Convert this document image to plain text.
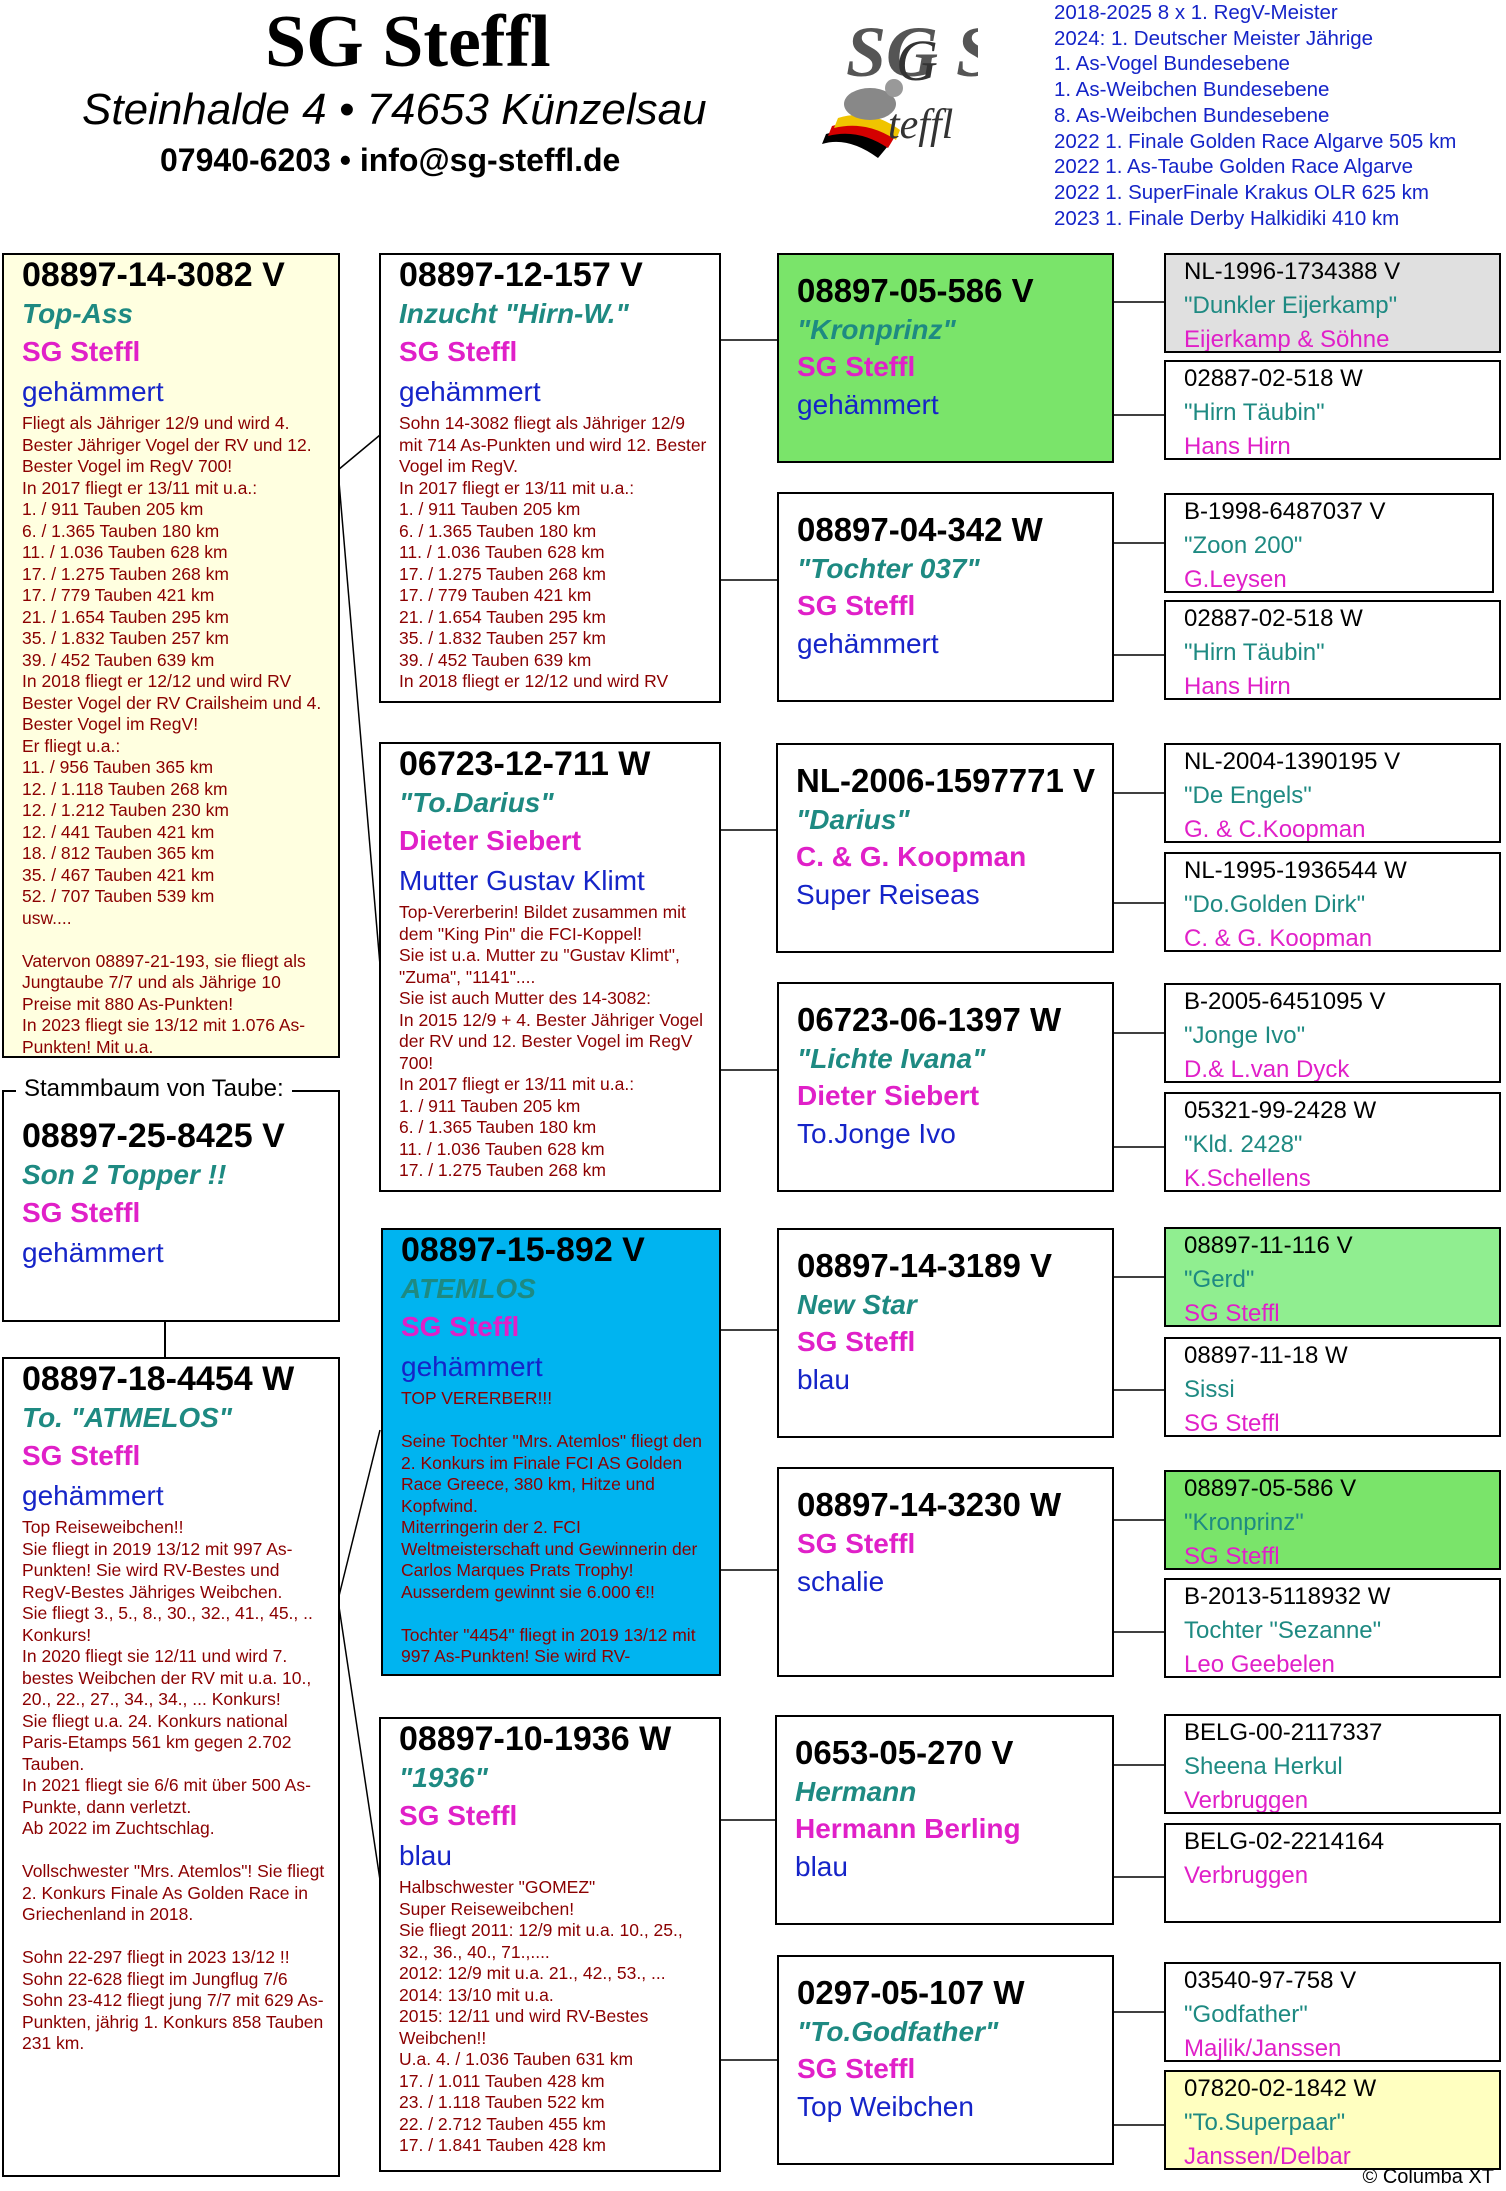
SG Steffl
Steinhalde 4 • 74653 Künzelsau
07940-6203 • info@sg-steffl.de
SG
G
teffl
2018-2025 8 x 1. RegV-Meister
2024: 1. Deutscher Meister Jährige
1. As-Vogel Bundesebene
1. As-Weibchen Bundesebene
8. As-Weibchen Bundesebene
2022 1. Finale Golden Race Algarve 505 km
2022 1. As-Taube Golden Race Algarve
2022 1. SuperFinale Krakus OLR 625 km
2023 1. Finale Derby Halkidiki 410 km
08897-14-3082 V
Top-Ass
SG Steffl
gehämmert
Fliegt als Jähriger 12/9 und wird 4. Bester Jähriger Vogel der RV und 12. Bester Vogel im RegV 700!
In 2017 fliegt er 13/11 mit u.a.:
1. / 911 Tauben 205 km
6. / 1.365 Tauben 180 km
11. / 1.036 Tauben 628 km
17. / 1.275 Tauben 268 km
17. / 779 Tauben 421 km
21. / 1.654 Tauben 295 km
35. / 1.832 Tauben 257 km
39. / 452 Tauben 639 km
In 2018 fliegt er 12/12 und wird RV Bester Vogel der RV Crailsheim und 4. Bester Vogel im RegV!
Er fliegt u.a.:
11. / 956 Tauben 365 km
12. / 1.118 Tauben 268 km
12. / 1.212 Tauben 230 km
12. / 441 Tauben 421 km
18. / 812 Tauben 365 km
35. / 467 Tauben 421 km
52. / 707 Tauben 539 km
usw....

Vatervon 08897-21-193, sie fliegt als Jungtaube 7/7 und als Jährige 10 Preise mit 880 As-Punkten!
In 2023 fliegt sie 13/12 mit 1.076 As-Punkten! Mit u.a.
08897-25-8425 V
Son 2 Topper !!
SG Steffl
gehämmert
Stammbaum von Taube:
08897-18-4454 W
To. "ATMELOS"
SG Steffl
gehämmert
Top Reiseweibchen!!
Sie fliegt in 2019 13/12 mit 997 As-Punkten! Sie wird RV-Bestes und RegV-Bestes Jähriges Weibchen.
Sie fliegt 3., 5., 8., 30., 32., 41., 45., .. Konkurs!
In 2020 fliegt sie 12/11 und wird 7. bestes Weibchen der RV mit u.a. 10., 20., 22., 27., 34., 34., ... Konkurs!
Sie fliegt u.a. 24. Konkurs national Paris-Etamps 561 km gegen 2.702 Tauben.
In 2021 fliegt sie 6/6 mit über 500 As-Punkte, dann verletzt.
Ab 2022 im Zuchtschlag.

Vollschwester "Mrs. Atemlos"! Sie fliegt 2. Konkurs Finale As Golden Race in Griechenland in 2018.

Sohn 22-297 fliegt in 2023 13/12 !!
Sohn 22-628 fliegt im Jungflug 7/6
Sohn 23-412 fliegt jung 7/7 mit 629 As-Punkten, jährig 1. Konkurs 858 Tauben 231 km.
08897-12-157 V
Inzucht "Hirn-W."
SG Steffl
gehämmert
Sohn 14-3082 fliegt als Jähriger 12/9 mit 714 As-Punkten und wird 12. Bester Vogel im RegV.
In 2017 fliegt er 13/11 mit u.a.:
1. / 911 Tauben 205 km
6. / 1.365 Tauben 180 km
11. / 1.036 Tauben 628 km
17. / 1.275 Tauben 268 km
17. / 779 Tauben 421 km
21. / 1.654 Tauben 295 km
35. / 1.832 Tauben 257 km
39. / 452 Tauben 639 km
In 2018 fliegt er 12/12 und wird RV
06723-12-711 W
"To.Darius"
Dieter Siebert
Mutter Gustav Klimt
Top-Vererberin! Bildet zusammen mit dem "King Pin" die FCI-Koppel!
Sie ist u.a. Mutter zu "Gustav Klimt", "Zuma", "1141"....
Sie ist auch Mutter des 14-3082:
In 2015 12/9 + 4. Bester Jähriger Vogel der RV und 12. Bester Vogel im RegV 700!
In 2017 fliegt er 13/11 mit u.a.:
1. / 911 Tauben 205 km
6. / 1.365 Tauben 180 km
11. / 1.036 Tauben 628 km
17. / 1.275 Tauben 268 km
08897-15-892 V
ATEMLOS
SG Steffl
gehämmert
TOP VERERBER!!!

Seine Tochter "Mrs. Atemlos" fliegt den 2. Konkurs im Finale FCI AS Golden Race Greece, 380 km, Hitze und Kopfwind.
Miterringerin der 2. FCI Weltmeisterschaft und Gewinnerin der Carlos Marques Prats Trophy!
Ausserdem gewinnt sie 6.000 €!!

Tochter "4454" fliegt in 2019 13/12 mit 997 As-Punkten! Sie wird RV-
08897-10-1936 W
"1936"
SG Steffl
blau
Halbschwester "GOMEZ"
Super Reiseweibchen!
Sie fliegt 2011: 12/9 mit u.a. 10., 25., 32., 36., 40., 71.,....
2012: 12/9 mit u.a. 21., 42., 53., ...
2014: 13/10 mit u.a.
2015: 12/11 und wird RV-Bestes Weibchen!!
U.a. 4. / 1.036 Tauben 631 km
17. / 1.011 Tauben 428 km
23. / 1.118 Tauben 522 km
22. / 2.712 Tauben 455 km
17. / 1.841 Tauben 428 km
08897-05-586 V
"Kronprinz"
SG Steffl
gehämmert
08897-04-342 W
"Tochter 037"
SG Steffl
gehämmert
NL-2006-1597771 V
"Darius"
C. & G. Koopman
Super Reiseas
06723-06-1397 W
"Lichte Ivana"
Dieter Siebert
To.Jonge Ivo
08897-14-3189 V
New Star
SG Steffl
blau
08897-14-3230 W
SG Steffl
schalie
0653-05-270 V
Hermann
Hermann Berling
blau
0297-05-107 W
"To.Godfather"
SG Steffl
Top Weibchen
NL-1996-1734388 V
"Dunkler Eijerkamp"
Eijerkamp & Söhne
02887-02-518 W
"Hirn Täubin"
Hans Hirn
B-1998-6487037 V
"Zoon 200"
G.Leysen
02887-02-518 W
"Hirn Täubin"
Hans Hirn
NL-2004-1390195 V
"De Engels"
G. & C.Koopman
NL-1995-1936544 W
"Do.Golden Dirk"
C. & G. Koopman
B-2005-6451095 V
"Jonge Ivo"
D.& L.van Dyck
05321-99-2428 W
"Kld. 2428"
K.Schellens
08897-11-116 V
"Gerd"
SG Steffl
08897-11-18 W
Sissi
SG Steffl
08897-05-586 V
"Kronprinz"
SG Steffl
B-2013-5118932 W
Tochter "Sezanne"
Leo Geebelen
BELG-00-2117337
Sheena Herkul
Verbruggen
BELG-02-2214164
Verbruggen
03540-97-758 V
"Godfather"
Majlik/Janssen
07820-02-1842 W
"To.Superpaar"
Janssen/Delbar
© Columba XT
